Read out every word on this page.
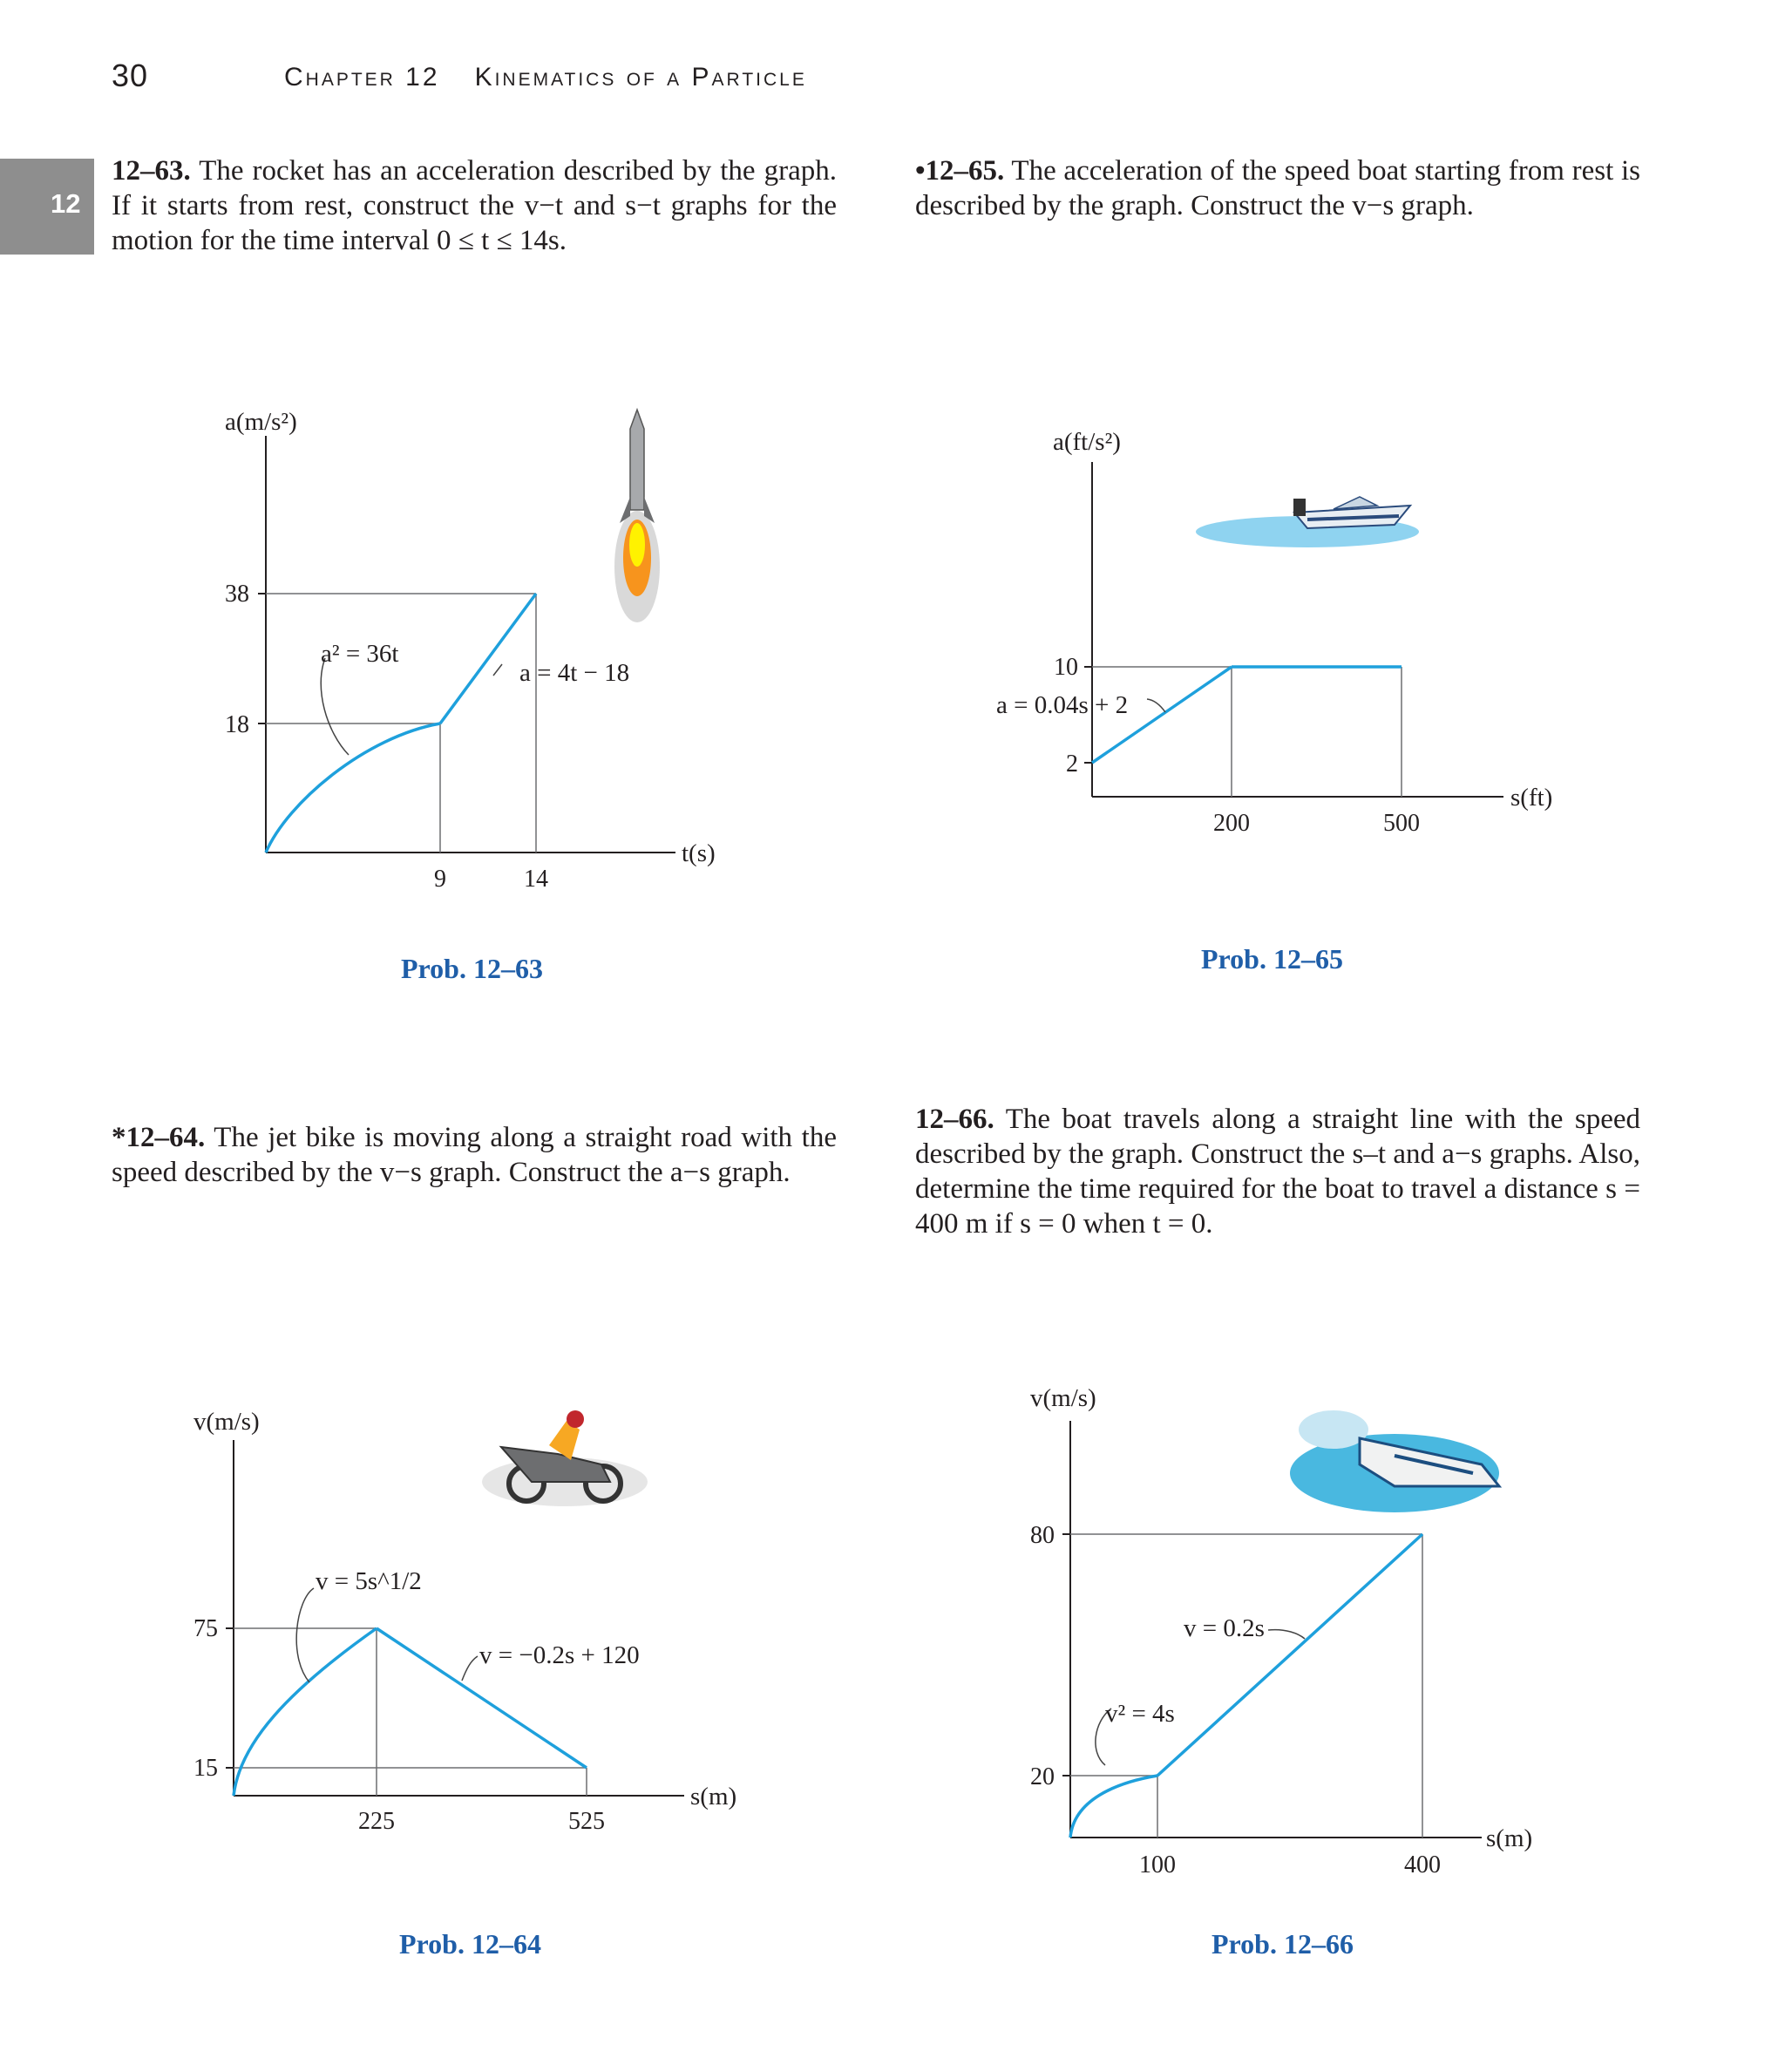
30	Chapter 12 Kinematics of a Particle
12
12–63. The rocket has an acceleration described by the graph. If it starts from rest, construct the v−t and s−t graphs for the motion for the time interval 0 ≤ t ≤ 14s.
•12–65. The acceleration of the speed boat starting from rest is described by the graph. Construct the v−s graph.
*12–64. The jet bike is moving along a straight road with the speed described by the v−s graph. Construct the a−s graph.
12–66. The boat travels along a straight line with the speed described by the graph. Construct the s–t and a−s graphs. Also, determine the time required for the boat to travel a distance s = 400 m if s = 0 when t = 0.
Prob. 12–63	Prob. 12–65
Prob. 12–64	Prob. 12–66
a(m/s²)
t(s)
38
18
9	14
a² = 36t
a = 4t − 18
a(ft/s²)
s(ft)
10
2
200	500
a = 0.04s + 2
v(m/s)
s(m)
75
15
225	525
v = 5s^1/2
v = −0.2s + 120
v(m/s)
s(m)
80
20
100	400
v² = 4s
v = 0.2s
